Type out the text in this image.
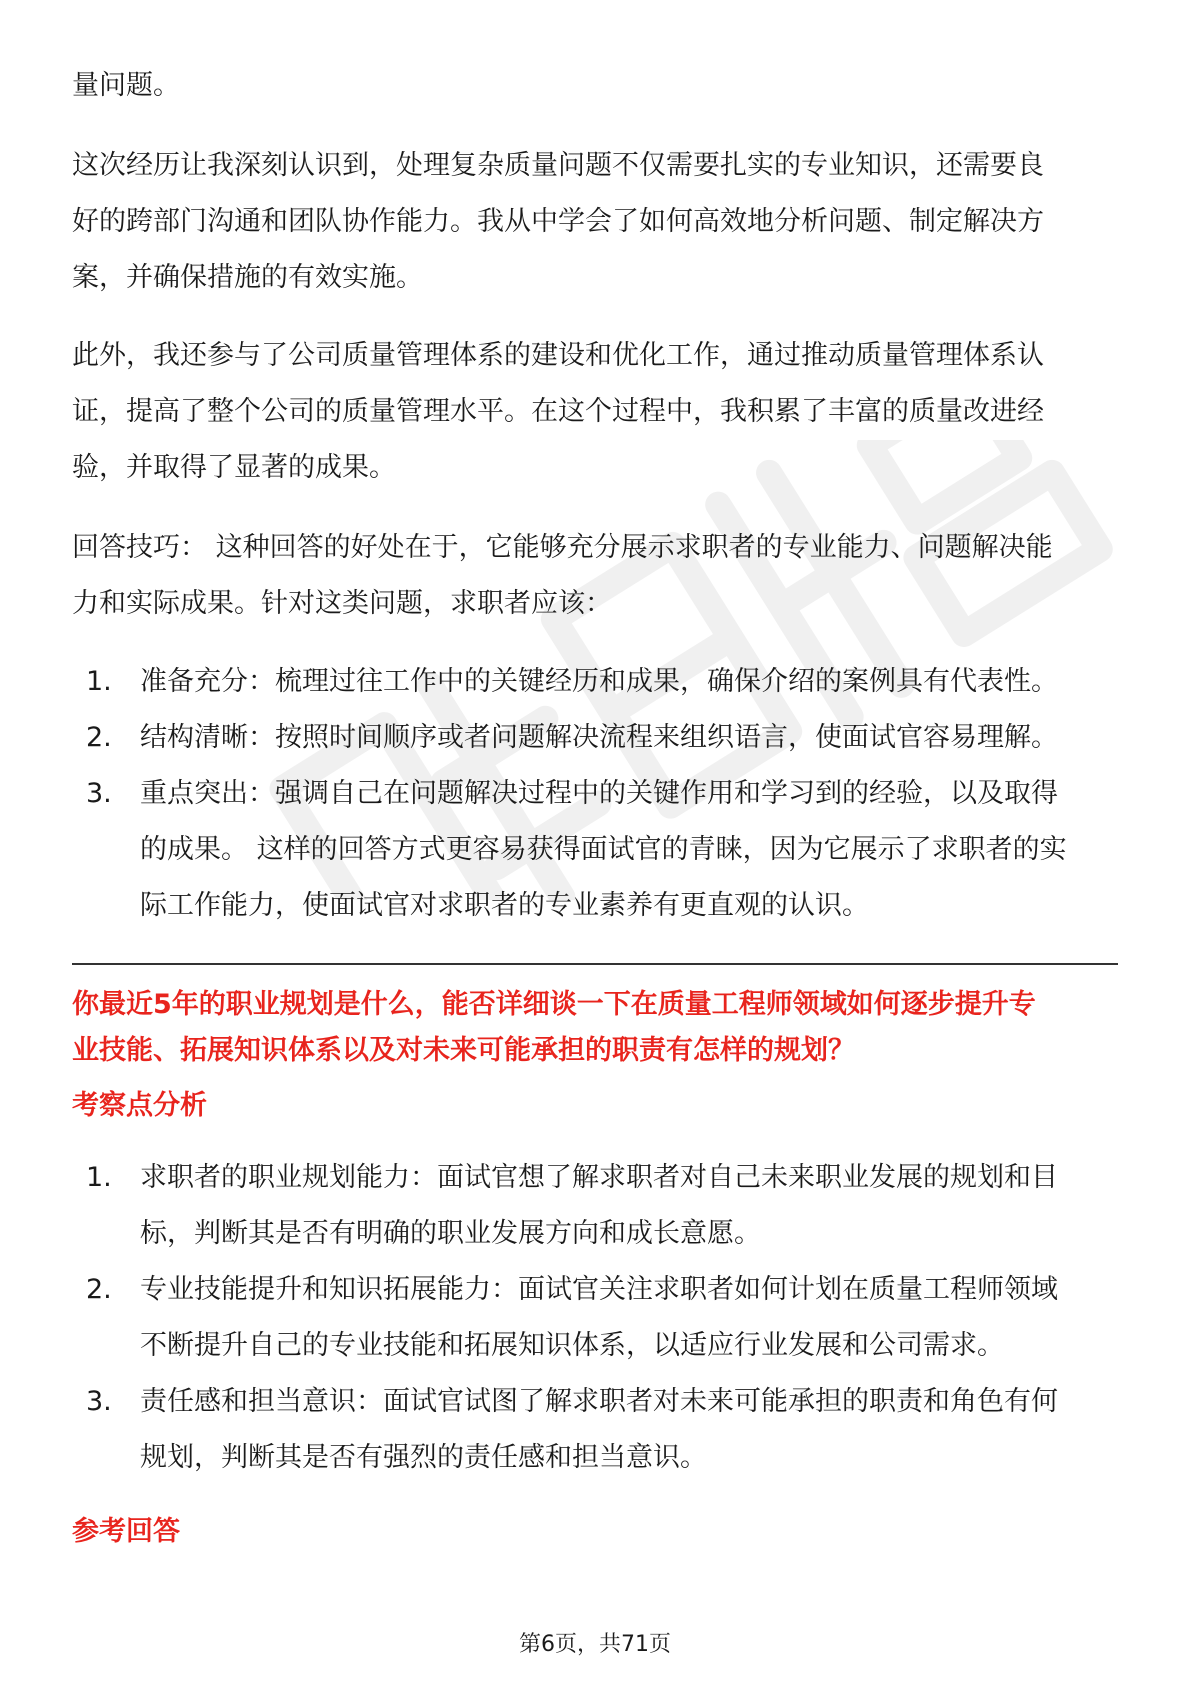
量问题。

这次经历让我深刻认识到，处理复杂质量问题不仅需要扎实的专业知识，还需要良

好的跨部门沟通和团队协作能力。我从中学会了如何高效地分析问题、制定解决方

案，并确保措施的有效实施。

此外，我还参与了公司质量管理体系的建设和优化工作，通过推动质量管理体系认

证，提高了整个公司的质量管理水平。在这个过程中，我积累了丰富的质量改进经

验，并取得了显著的成果。

回答技巧： 这种回答的好处在于，它能够充分展示求职者的专业能力、问题解决能

力和实际成果。针对这类问题，求职者应该：

1.	准备充分：梳理过往工作中的关键经历和成果，确保介绍的案例具有代表性。
2.	结构清晰：按照时间顺序或者问题解决流程来组织语言，使面试官容易理解。
3.	重点突出：强调自己在问题解决过程中的关键作用和学习到的经验，以及取得
的成果。 这样的回答方式更容易获得面试官的青睐，因为它展示了求职者的实
际工作能力，使面试官对求职者的专业素养有更直观的认识。

你最近5年的职业规划是什么，能否详细谈一下在质量工程师领域如何逐步提升专

业技能、拓展知识体系以及对未来可能承担的职责有怎样的规划？

考察点分析

1.	求职者的职业规划能力：面试官想了解求职者对自己未来职业发展的规划和目
标，判断其是否有明确的职业发展方向和成长意愿。
2.	专业技能提升和知识拓展能力：面试官关注求职者如何计划在质量工程师领域
不断提升自己的专业技能和拓展知识体系，以适应行业发展和公司需求。
3.	责任感和担当意识：面试官试图了解求职者对未来可能承担的职责和角色有何
规划，判断其是否有强烈的责任感和担当意识。

参考回答

第6页，共71页
